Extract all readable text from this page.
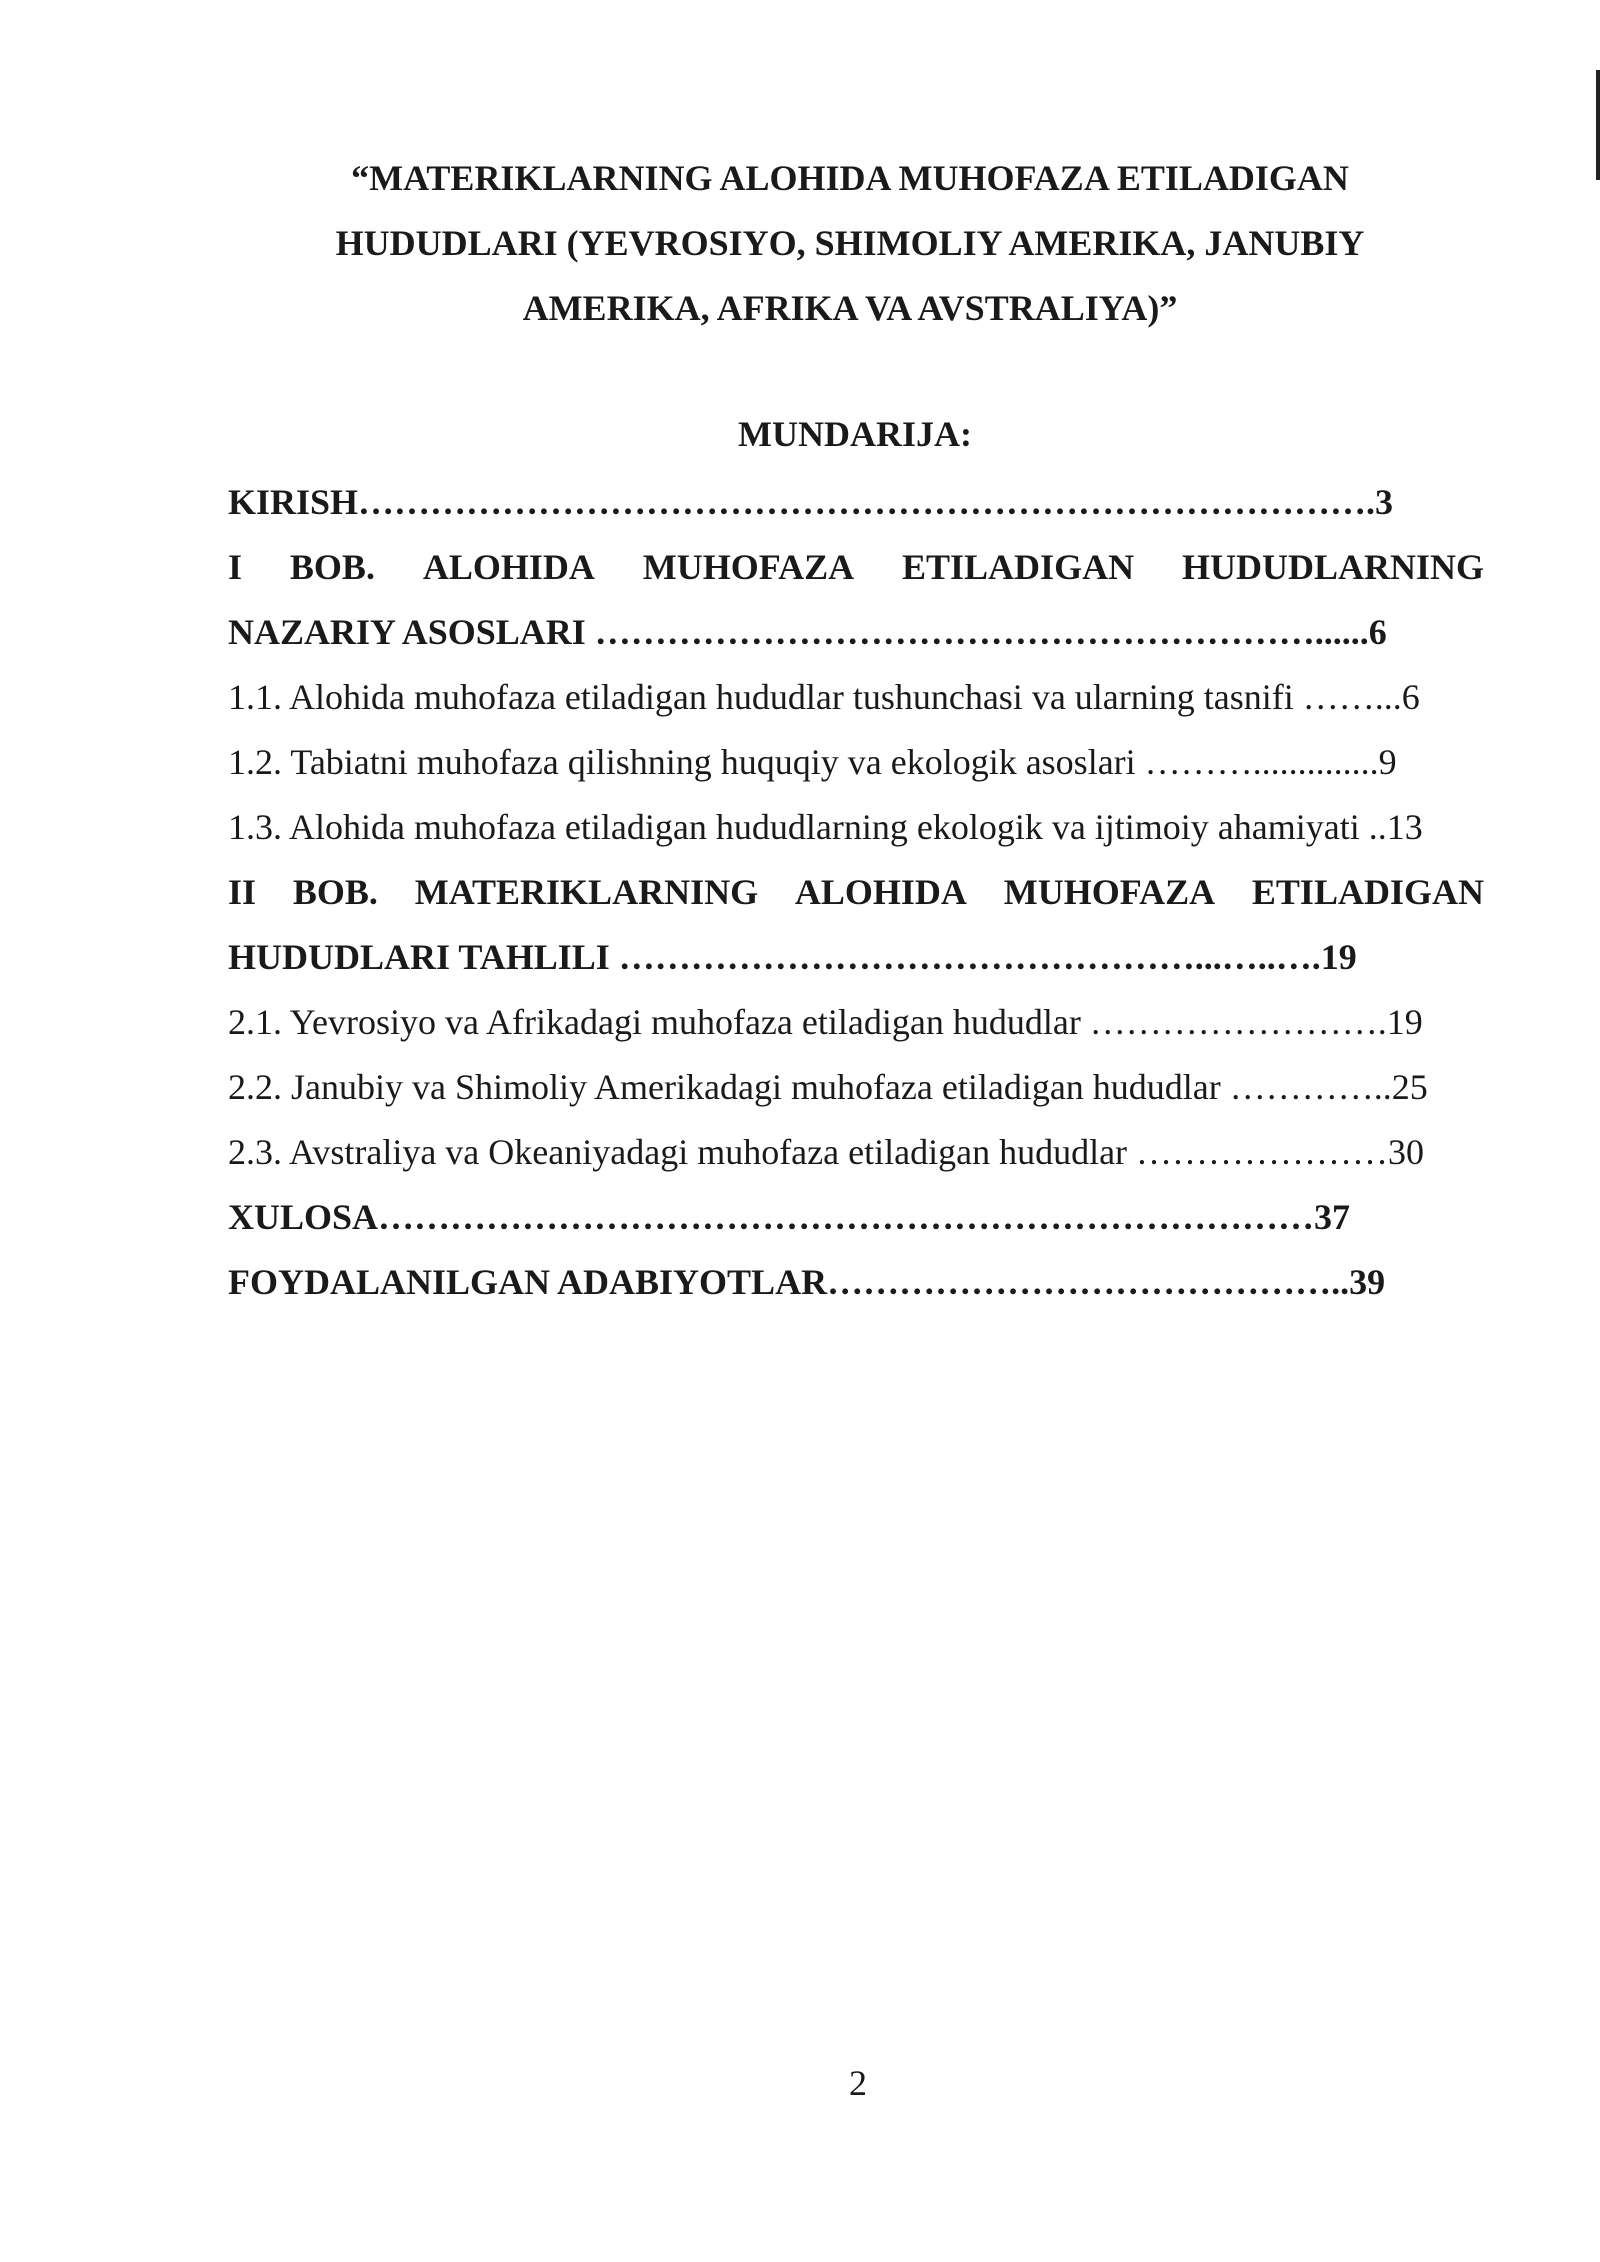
“MATERIKLARNING ALOHIDA MUHOFAZA ETILADIGAN
HUDUDLARI (YEVROSIYO, SHIMOLIY AMERIKA, JANUBIY
AMERIKA, AFRIKA VA AVSTRALIYA)”
MUNDARIJA:
KIRISH………………………………………………………………………….3
I BOB. ALOHIDA MUHOFAZA ETILADIGAN HUDUDLARNING
NAZARIY ASOSLARI ……………………………………………………......6
1.1. Alohida muhofaza etiladigan hududlar tushunchasi va ularning tasnifi ……...6
1.2. Tabiatni muhofaza qilishning huquqiy va ekologik asoslari ………..............9
1.3. Alohida muhofaza etiladigan hududlarning ekologik va ijtimoiy ahamiyati ..13
II BOB. MATERIKLARNING ALOHIDA MUHOFAZA ETILADIGAN
HUDUDLARI TAHLILI …………………………………………...…..….19
2.1. Yevrosiyo va Afrikadagi muhofaza etiladigan hududlar …………………….19
2.2. Janubiy va Shimoliy Amerikadagi muhofaza etiladigan hududlar …………..25
2.3. Avstraliya va Okeaniyadagi muhofaza etiladigan hududlar …………………30
XULOSA……………………………………………………………………37
FOYDALANILGAN ADABIYOTLAR……………………………………..39
2
